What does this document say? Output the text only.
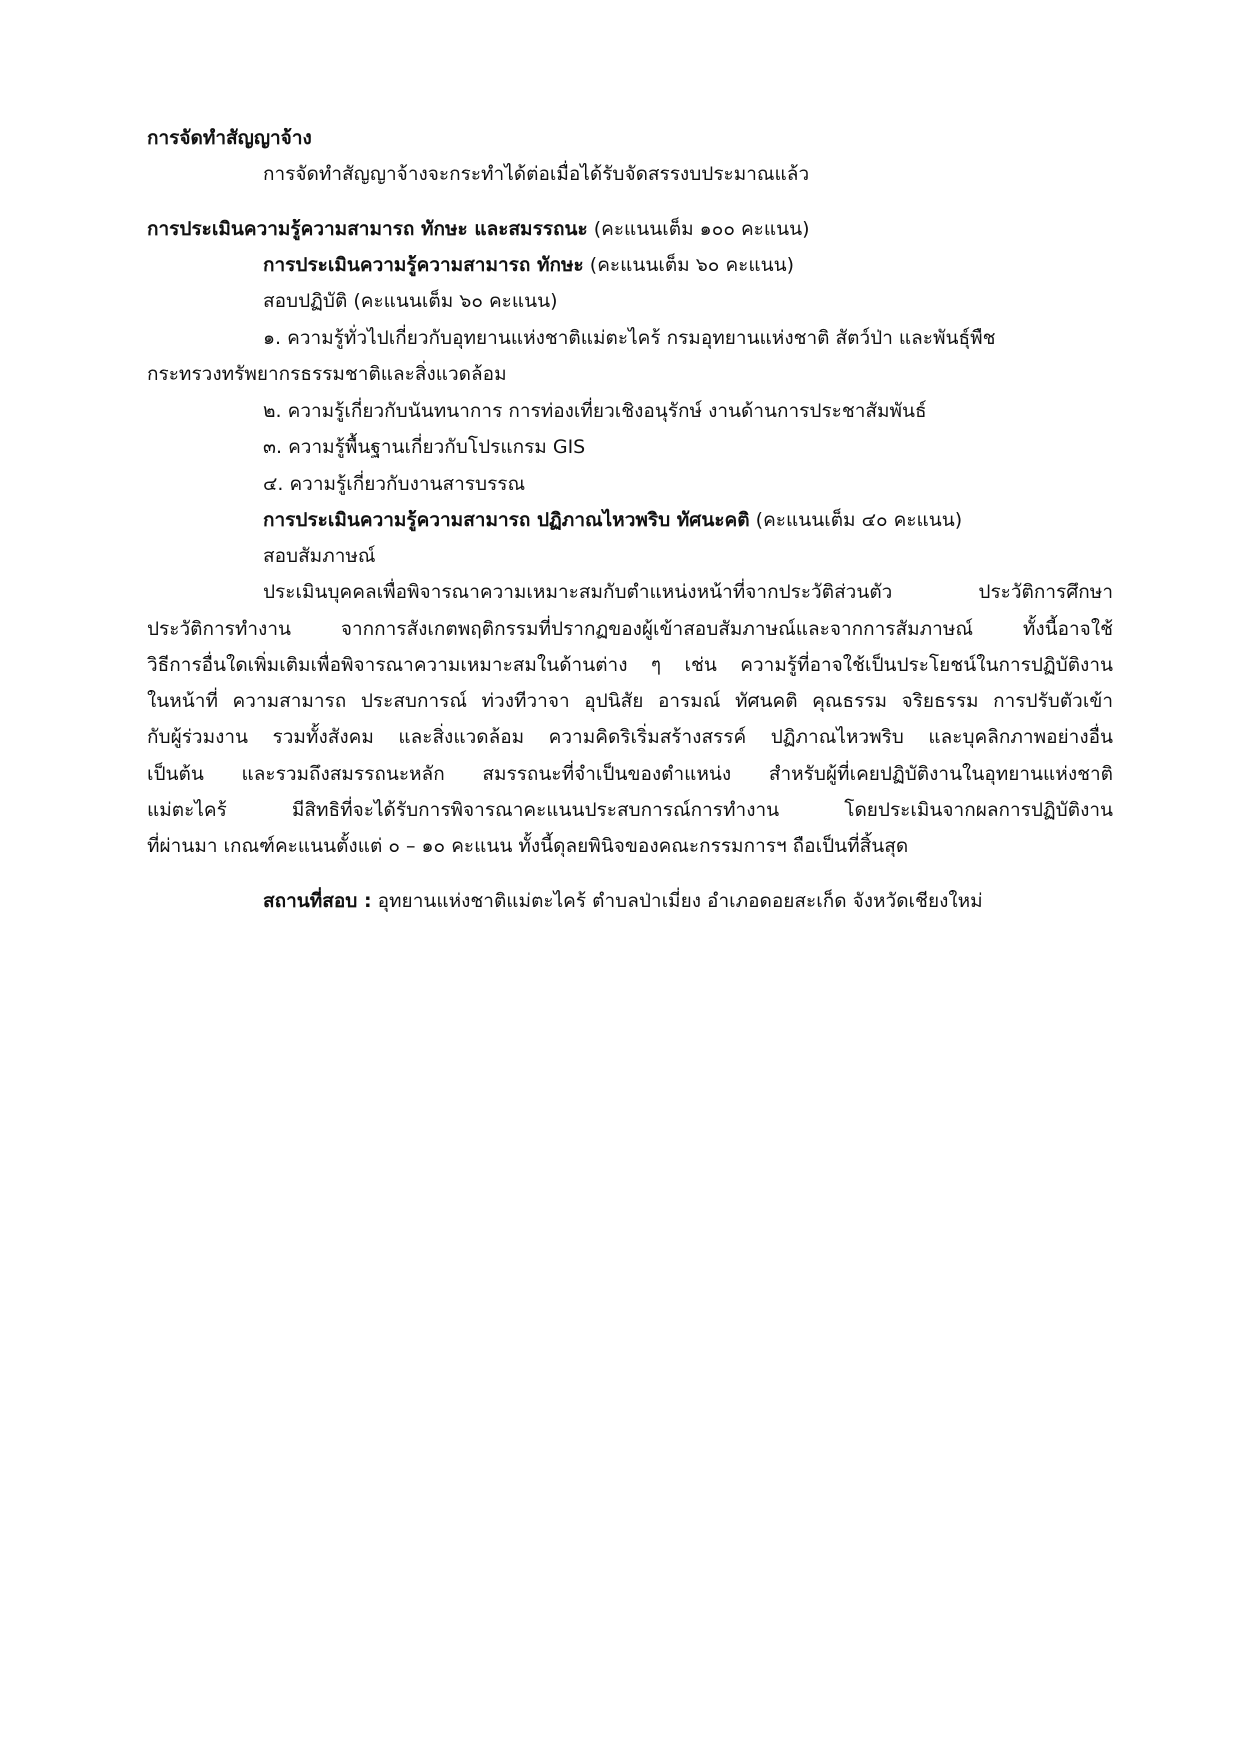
การจัดทำสัญญาจ้าง
การจัดทำสัญญาจ้างจะกระทำได้ต่อเมื่อได้รับจัดสรรงบประมาณแล้ว
การประเมินความรู้ความสามารถ ทักษะ และสมรรถนะ (คะแนนเต็ม ๑๐๐ คะแนน)
การประเมินความรู้ความสามารถ ทักษะ (คะแนนเต็ม ๖๐ คะแนน)
สอบปฏิบัติ (คะแนนเต็ม ๖๐ คะแนน)
๑. ความรู้ทั่วไปเกี่ยวกับอุทยานแห่งชาติแม่ตะไคร้ กรมอุทยานแห่งชาติ สัตว์ป่า และพันธุ์พืช
กระทรวงทรัพยากรธรรมชาติและสิ่งแวดล้อม
๒. ความรู้เกี่ยวกับนันทนาการ การท่องเที่ยวเชิงอนุรักษ์ งานด้านการประชาสัมพันธ์
๓. ความรู้พื้นฐานเกี่ยวกับโปรแกรม GIS
๔. ความรู้เกี่ยวกับงานสารบรรณ
การประเมินความรู้ความสามารถ ปฏิภาณไหวพริบ ทัศนะคติ (คะแนนเต็ม ๔๐ คะแนน)
สอบสัมภาษณ์
ประเมินบุคคลเพื่อพิจารณาความเหมาะสมกับตำแหน่งหน้าที่จากประวัติส่วนตัว ประวัติการศึกษา
ประวัติการทำงาน จากการสังเกตพฤติกรรมที่ปรากฏของผู้เข้าสอบสัมภาษณ์และจากการสัมภาษณ์ ทั้งนี้อาจใช้
วิธีการอื่นใดเพิ่มเติมเพื่อพิจารณาความเหมาะสมในด้านต่าง ๆ เช่น ความรู้ที่อาจใช้เป็นประโยชน์ในการปฏิบัติงาน
ในหน้าที่ ความสามารถ ประสบการณ์ ท่วงทีวาจา อุปนิสัย อารมณ์ ทัศนคติ คุณธรรม จริยธรรม การปรับตัวเข้า
กับผู้ร่วมงาน รวมทั้งสังคม และสิ่งแวดล้อม ความคิดริเริ่มสร้างสรรค์ ปฏิภาณไหวพริบ และบุคลิกภาพอย่างอื่น
เป็นต้น และรวมถึงสมรรถนะหลัก สมรรถนะที่จำเป็นของตำแหน่ง สำหรับผู้ที่เคยปฏิบัติงานในอุทยานแห่งชาติ
แม่ตะไคร้ มีสิทธิที่จะได้รับการพิจารณาคะแนนประสบการณ์การทำงาน โดยประเมินจากผลการปฏิบัติงาน
ที่ผ่านมา เกณฑ์คะแนนตั้งแต่ ๐ – ๑๐ คะแนน ทั้งนี้ดุลยพินิจของคณะกรรมการฯ ถือเป็นที่สิ้นสุด
สถานที่สอบ : อุทยานแห่งชาติแม่ตะไคร้ ตำบลป่าเมี่ยง อำเภอดอยสะเก็ด จังหวัดเชียงใหม่
